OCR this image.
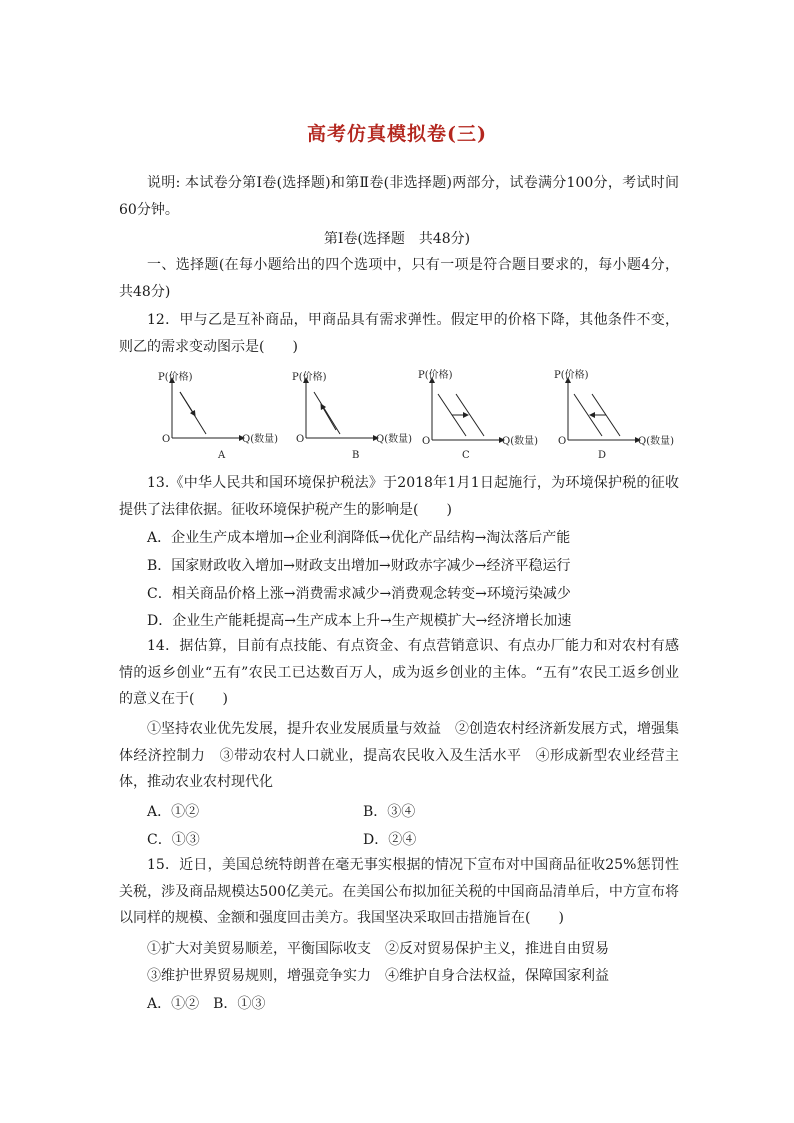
高考仿真模拟卷(三)
说明: 本试卷分第Ⅰ卷(选择题)和第Ⅱ卷(非选择题)两部分，试卷满分100分，考试时间60分钟。
第Ⅰ卷(选择题　共48分)
一、选择题(在每小题给出的四个选项中，只有一项是符合题目要求的，每小题4分，共48分)
12．甲与乙是互补商品，甲商品具有需求弹性。假定甲的价格下降，其他条件不变，则乙的需求变动图示是(　　)
P(价格)
Q(数量)
O
A
P(价格)
Q(数量)
O
B
P(价格)
Q(数量)
O
C
P(价格)
Q(数量)
O
D
13.《中华人民共和国环境保护税法》于2018年1月1日起施行，为环境保护税的征收提供了法律依据。征收环境保护税产生的影响是(　　)
A．企业生产成本增加→企业利润降低→优化产品结构→淘汰落后产能
B．国家财政收入增加→财政支出增加→财政赤字减少→经济平稳运行
C．相关商品价格上涨→消费需求减少→消费观念转变→环境污染减少
D．企业生产能耗提高→生产成本上升→生产规模扩大→经济增长加速
14．据估算，目前有点技能、有点资金、有点营销意识、有点办厂能力和对农村有感情的返乡创业“五有”农民工已达数百万人，成为返乡创业的主体。“五有”农民工返乡创业的意义在于(　　)
①坚持农业优先发展，提升农业发展质量与效益　②创造农村经济新发展方式，增强集体经济控制力　③带动农村人口就业，提高农民收入及生活水平　④形成新型农业经营主体，推动农业农村现代化
A．①②	B．③④
C．①③	D．②④
15．近日，美国总统特朗普在毫无事实根据的情况下宣布对中国商品征收25%惩罚性关税，涉及商品规模达500亿美元。在美国公布拟加征关税的中国商品清单后，中方宣布将以同样的规模、金额和强度回击美方。我国坚决采取回击措施旨在(　　)
①扩大对美贸易顺差，平衡国际收支　②反对贸易保护主义，推进自由贸易
③维护世界贸易规则，增强竞争实力　④维护自身合法权益，保障国家利益
A．①②　B．①③
